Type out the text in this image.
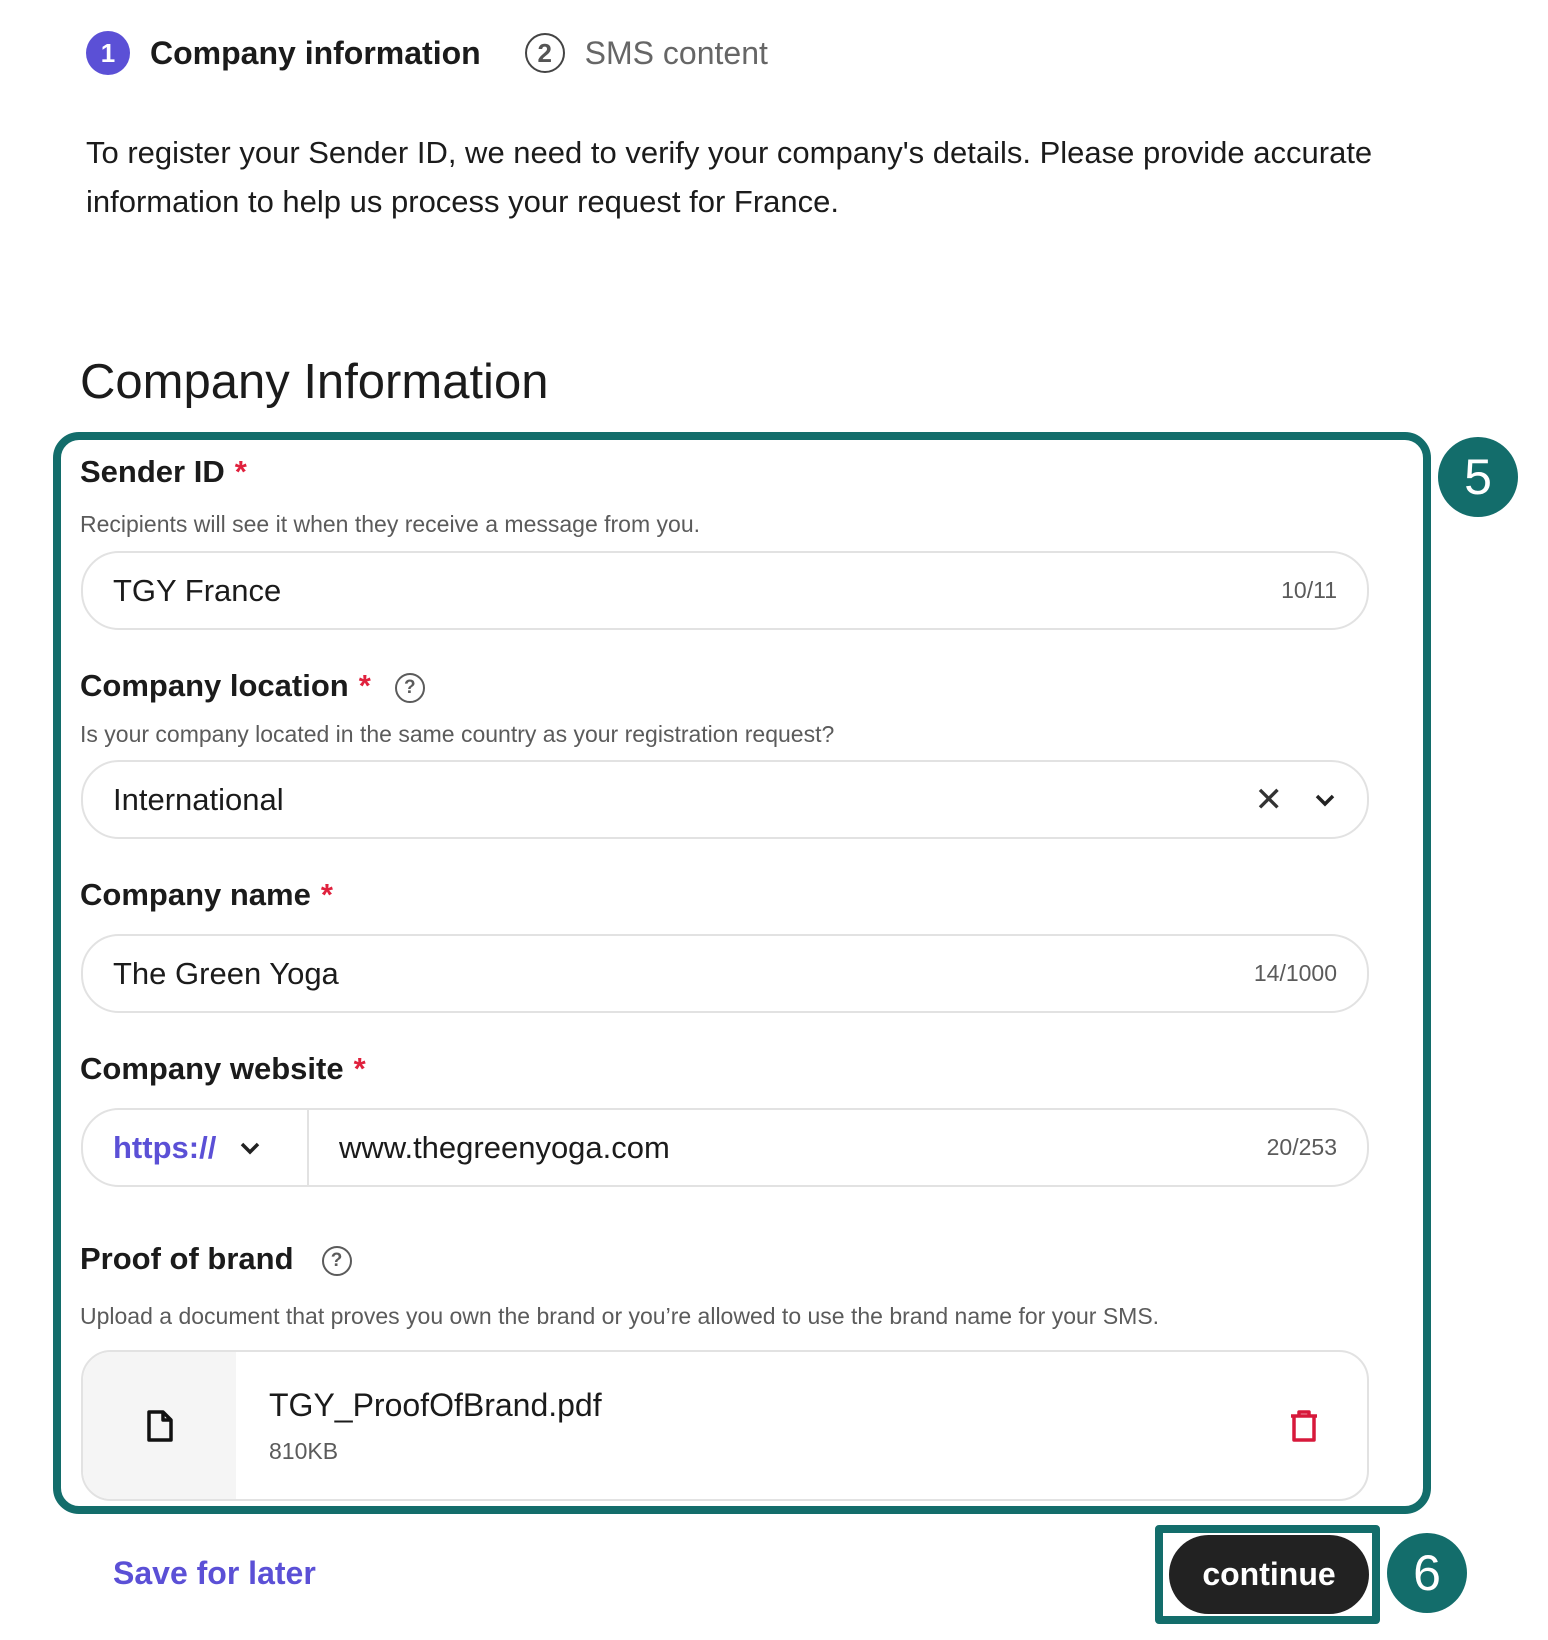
1	Company information	2	SMS content

To register your Sender ID, we need to verify your company's details. Please provide accurate information to help us process your request for France.

Company Information
5
Sender ID *
Recipients will see it when they receive a message from you.
TGY France	10/11
Company location * ?
Is your company located in the same country as your registration request?
International	✕
Company name *
The Green Yoga	14/1000
Company website *
https://	www.thegreenyoga.com	20/253
Proof of brand ?
Upload a document that proves you own the brand or you’re allowed to use the brand name for your SMS.
TGY_ProofOfBrand.pdf
810KB
Save for later	continue	6
